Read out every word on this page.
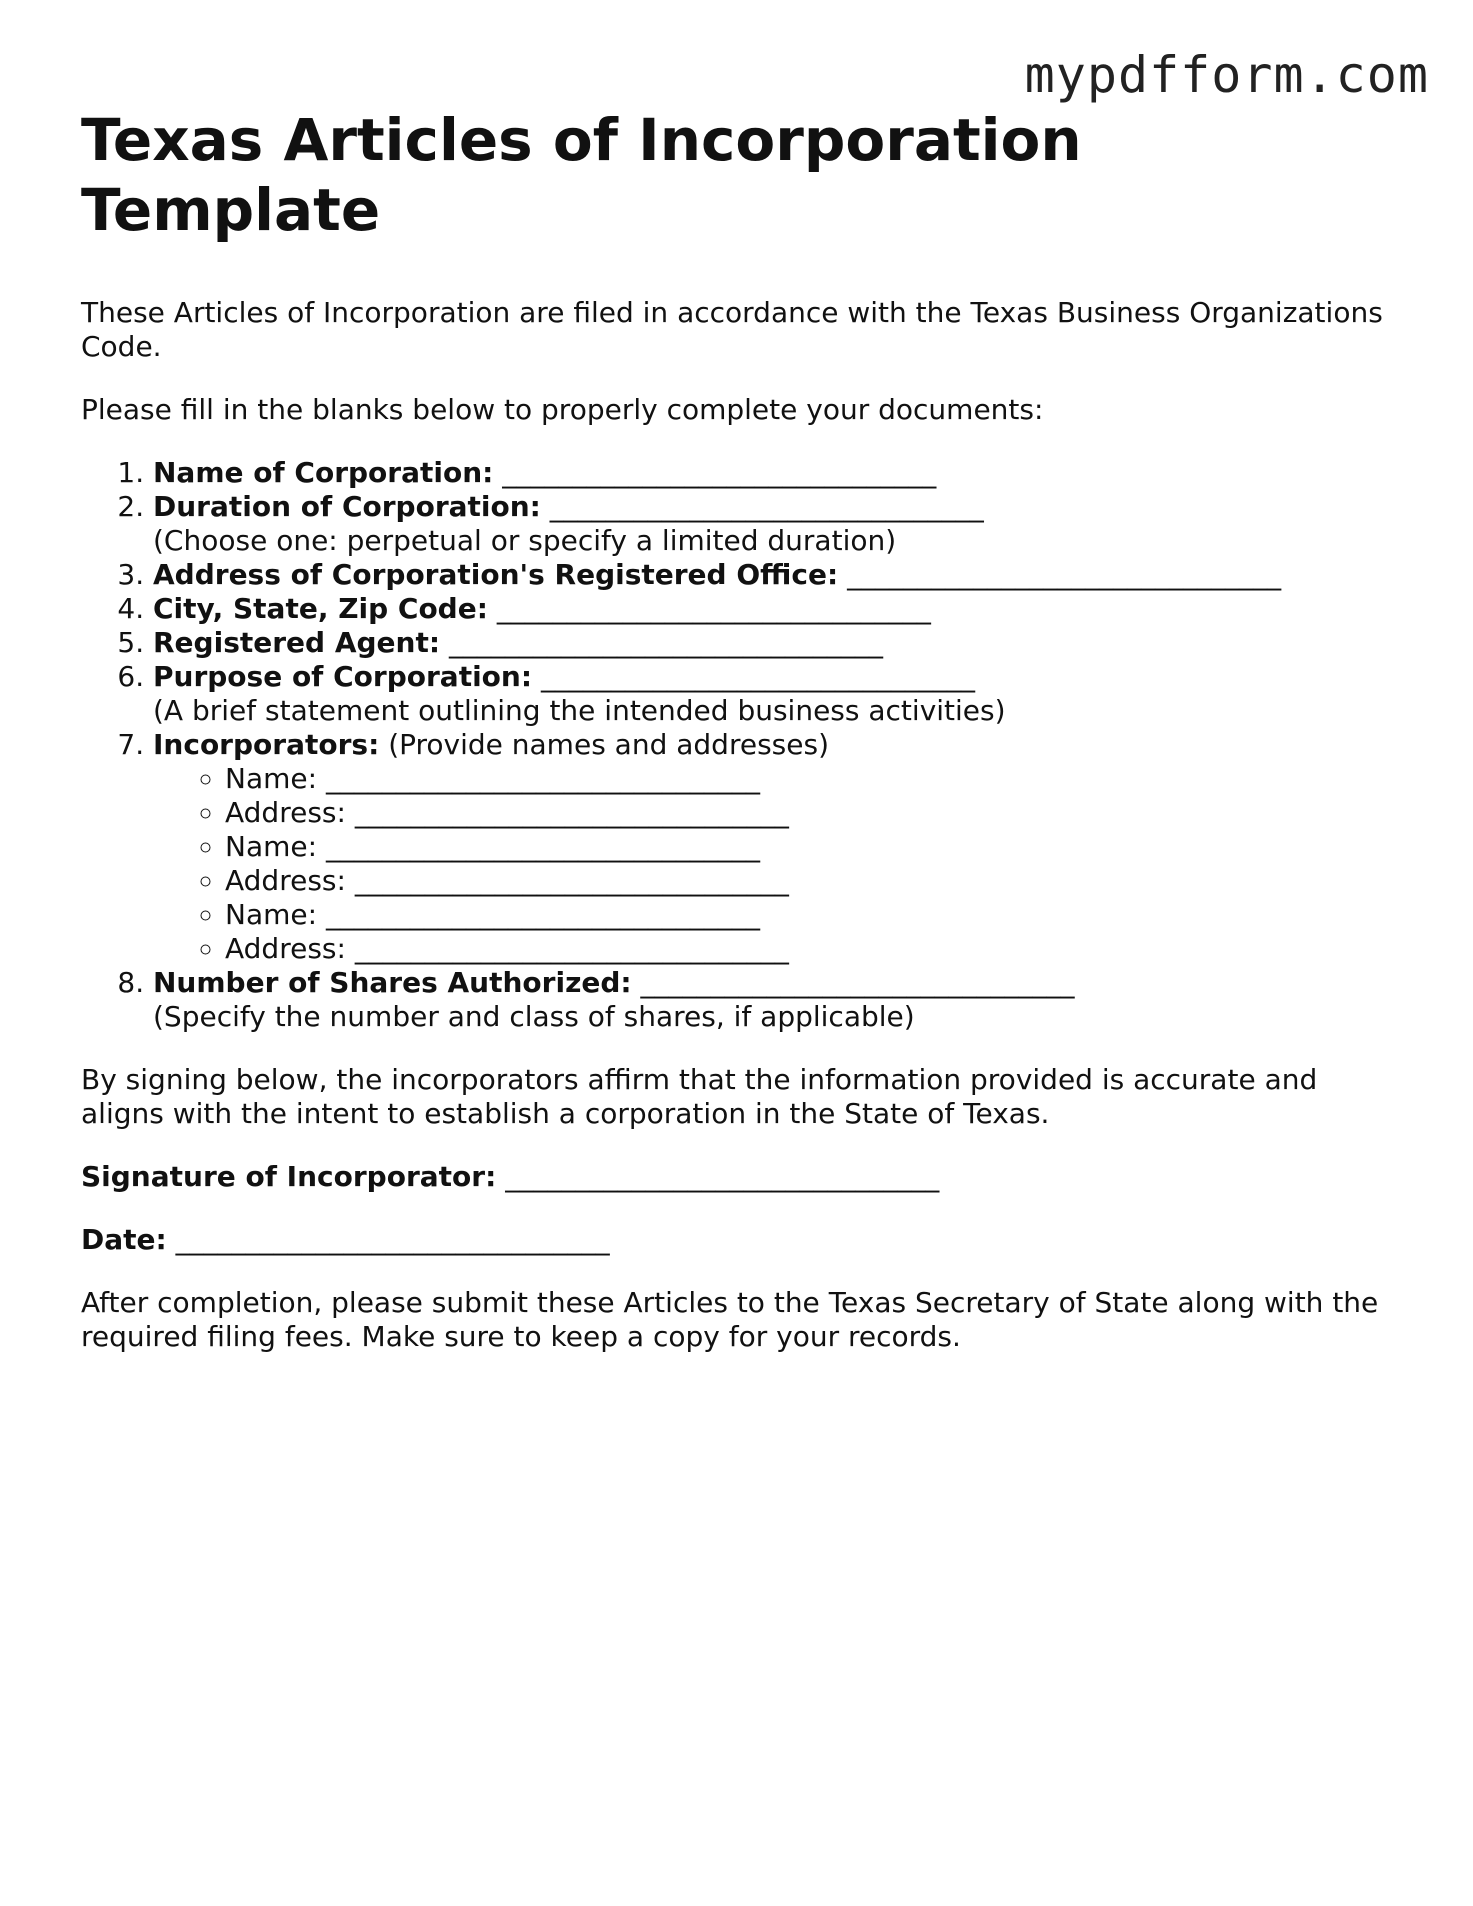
mypdfform.com
Texas Articles of Incorporation Template

These Articles of Incorporation are filed in accordance with the Texas Business Organizations Code.

Please fill in the blanks below to properly complete your documents:

1. Name of Corporation: _______________________________
2. Duration of Corporation: _______________________________
(Choose one: perpetual or specify a limited duration)
3. Address of Corporation's Registered Office: _______________________________
4. City, State, Zip Code: _______________________________
5. Registered Agent: _______________________________
6. Purpose of Corporation: _______________________________
(A brief statement outlining the intended business activities)
7. Incorporators: (Provide names and addresses)
◦ Name: _______________________________
◦ Address: _______________________________
◦ Name: _______________________________
◦ Address: _______________________________
◦ Name: _______________________________
◦ Address: _______________________________
8. Number of Shares Authorized: _______________________________
(Specify the number and class of shares, if applicable)

By signing below, the incorporators affirm that the information provided is accurate and aligns with the intent to establish a corporation in the State of Texas.

Signature of Incorporator: _______________________________

Date: _______________________________

After completion, please submit these Articles to the Texas Secretary of State along with the required filing fees. Make sure to keep a copy for your records.
